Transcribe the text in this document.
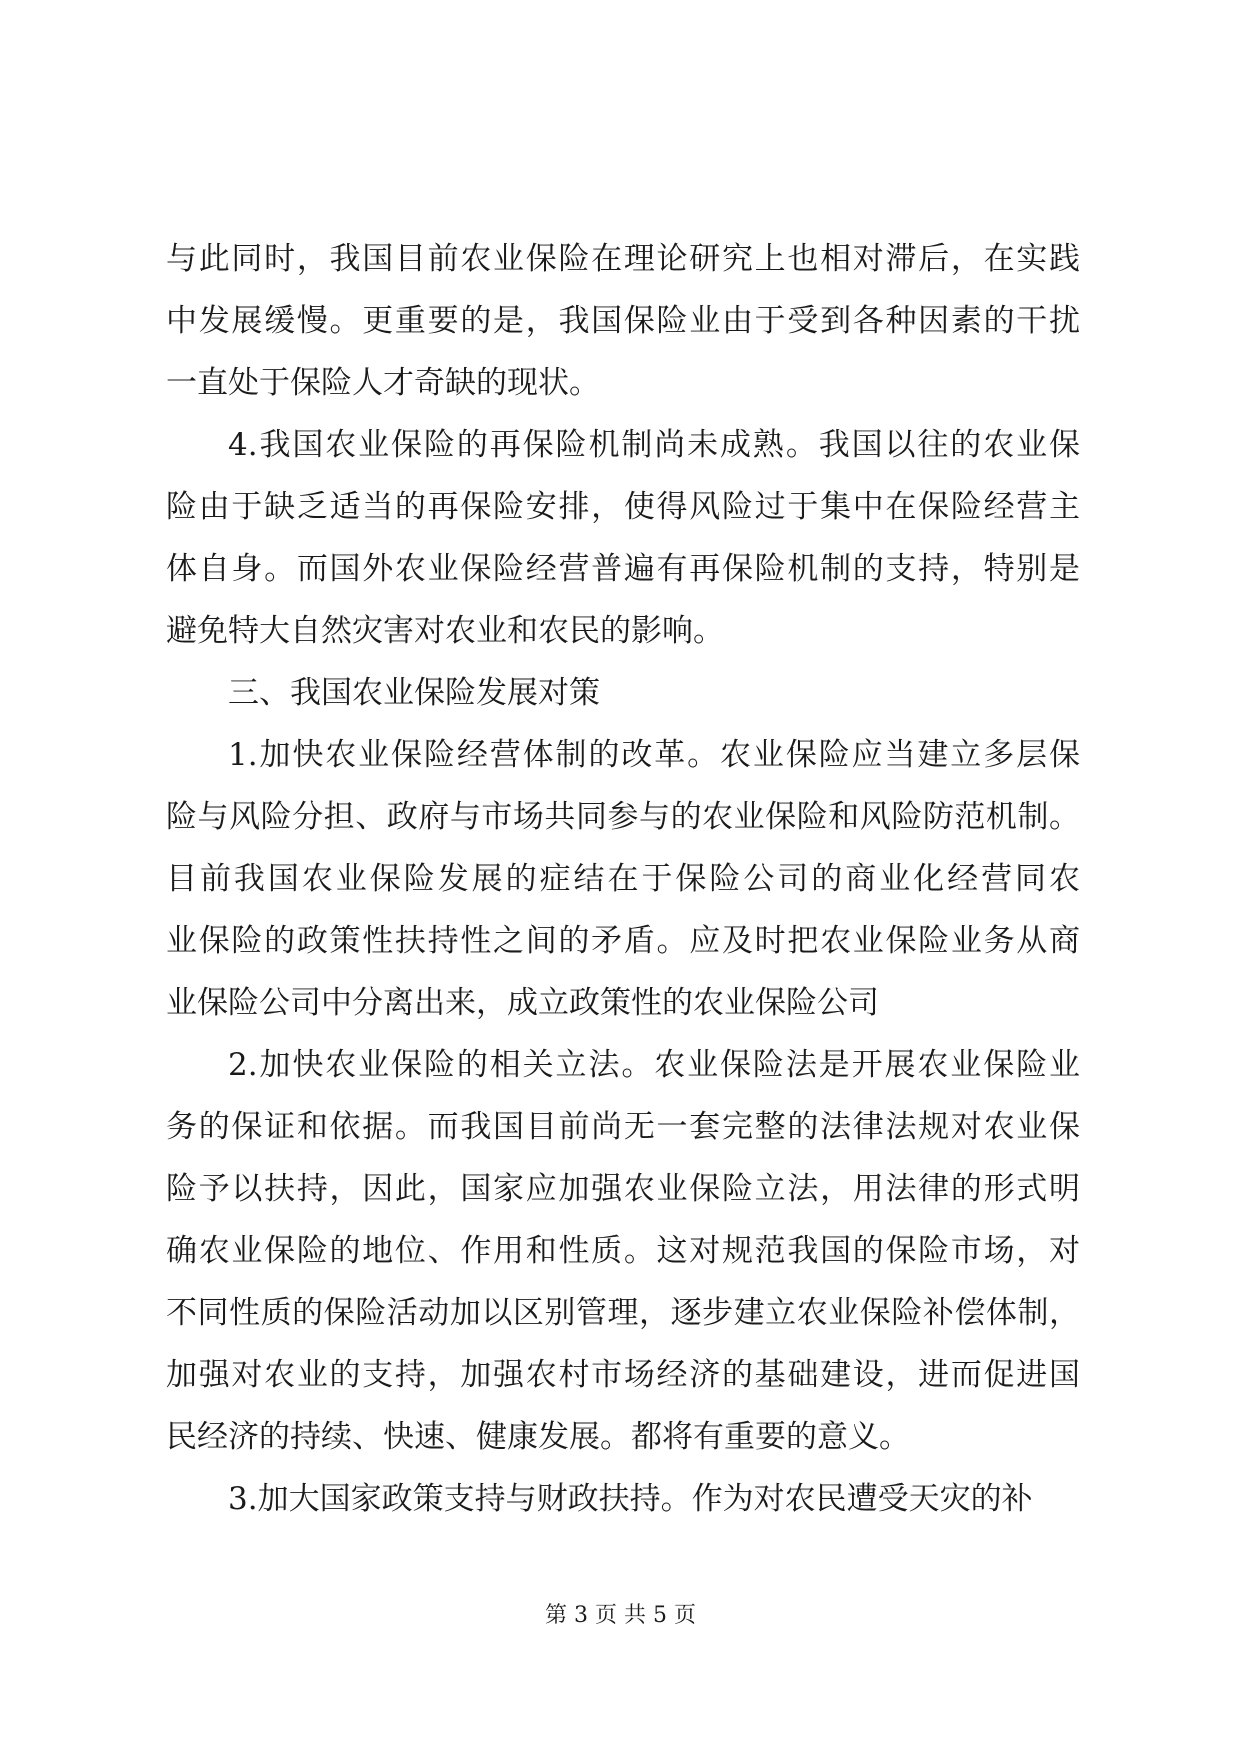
与此同时，我国目前农业保险在理论研究上也相对滞后，在实践
中发展缓慢。更重要的是，我国保险业由于受到各种因素的干扰
一直处于保险人才奇缺的现状。
4.我国农业保险的再保险机制尚未成熟。我国以往的农业保
险由于缺乏适当的再保险安排，使得风险过于集中在保险经营主
体自身。而国外农业保险经营普遍有再保险机制的支持，特别是
避免特大自然灾害对农业和农民的影响。
三、我国农业保险发展对策
1.加快农业保险经营体制的改革。农业保险应当建立多层保
险与风险分担、政府与市场共同参与的农业保险和风险防范机制。
目前我国农业保险发展的症结在于保险公司的商业化经营同农
业保险的政策性扶持性之间的矛盾。应及时把农业保险业务从商
业保险公司中分离出来，成立政策性的农业保险公司
2.加快农业保险的相关立法。农业保险法是开展农业保险业
务的保证和依据。而我国目前尚无一套完整的法律法规对农业保
险予以扶持，因此，国家应加强农业保险立法，用法律的形式明
确农业保险的地位、作用和性质。这对规范我国的保险市场，对
不同性质的保险活动加以区别管理，逐步建立农业保险补偿体制，
加强对农业的支持，加强农村市场经济的基础建设，进而促进国
民经济的持续、快速、健康发展。都将有重要的意义。
3.加大国家政策支持与财政扶持。作为对农民遭受天灾的补
第 3 页 共 5 页
